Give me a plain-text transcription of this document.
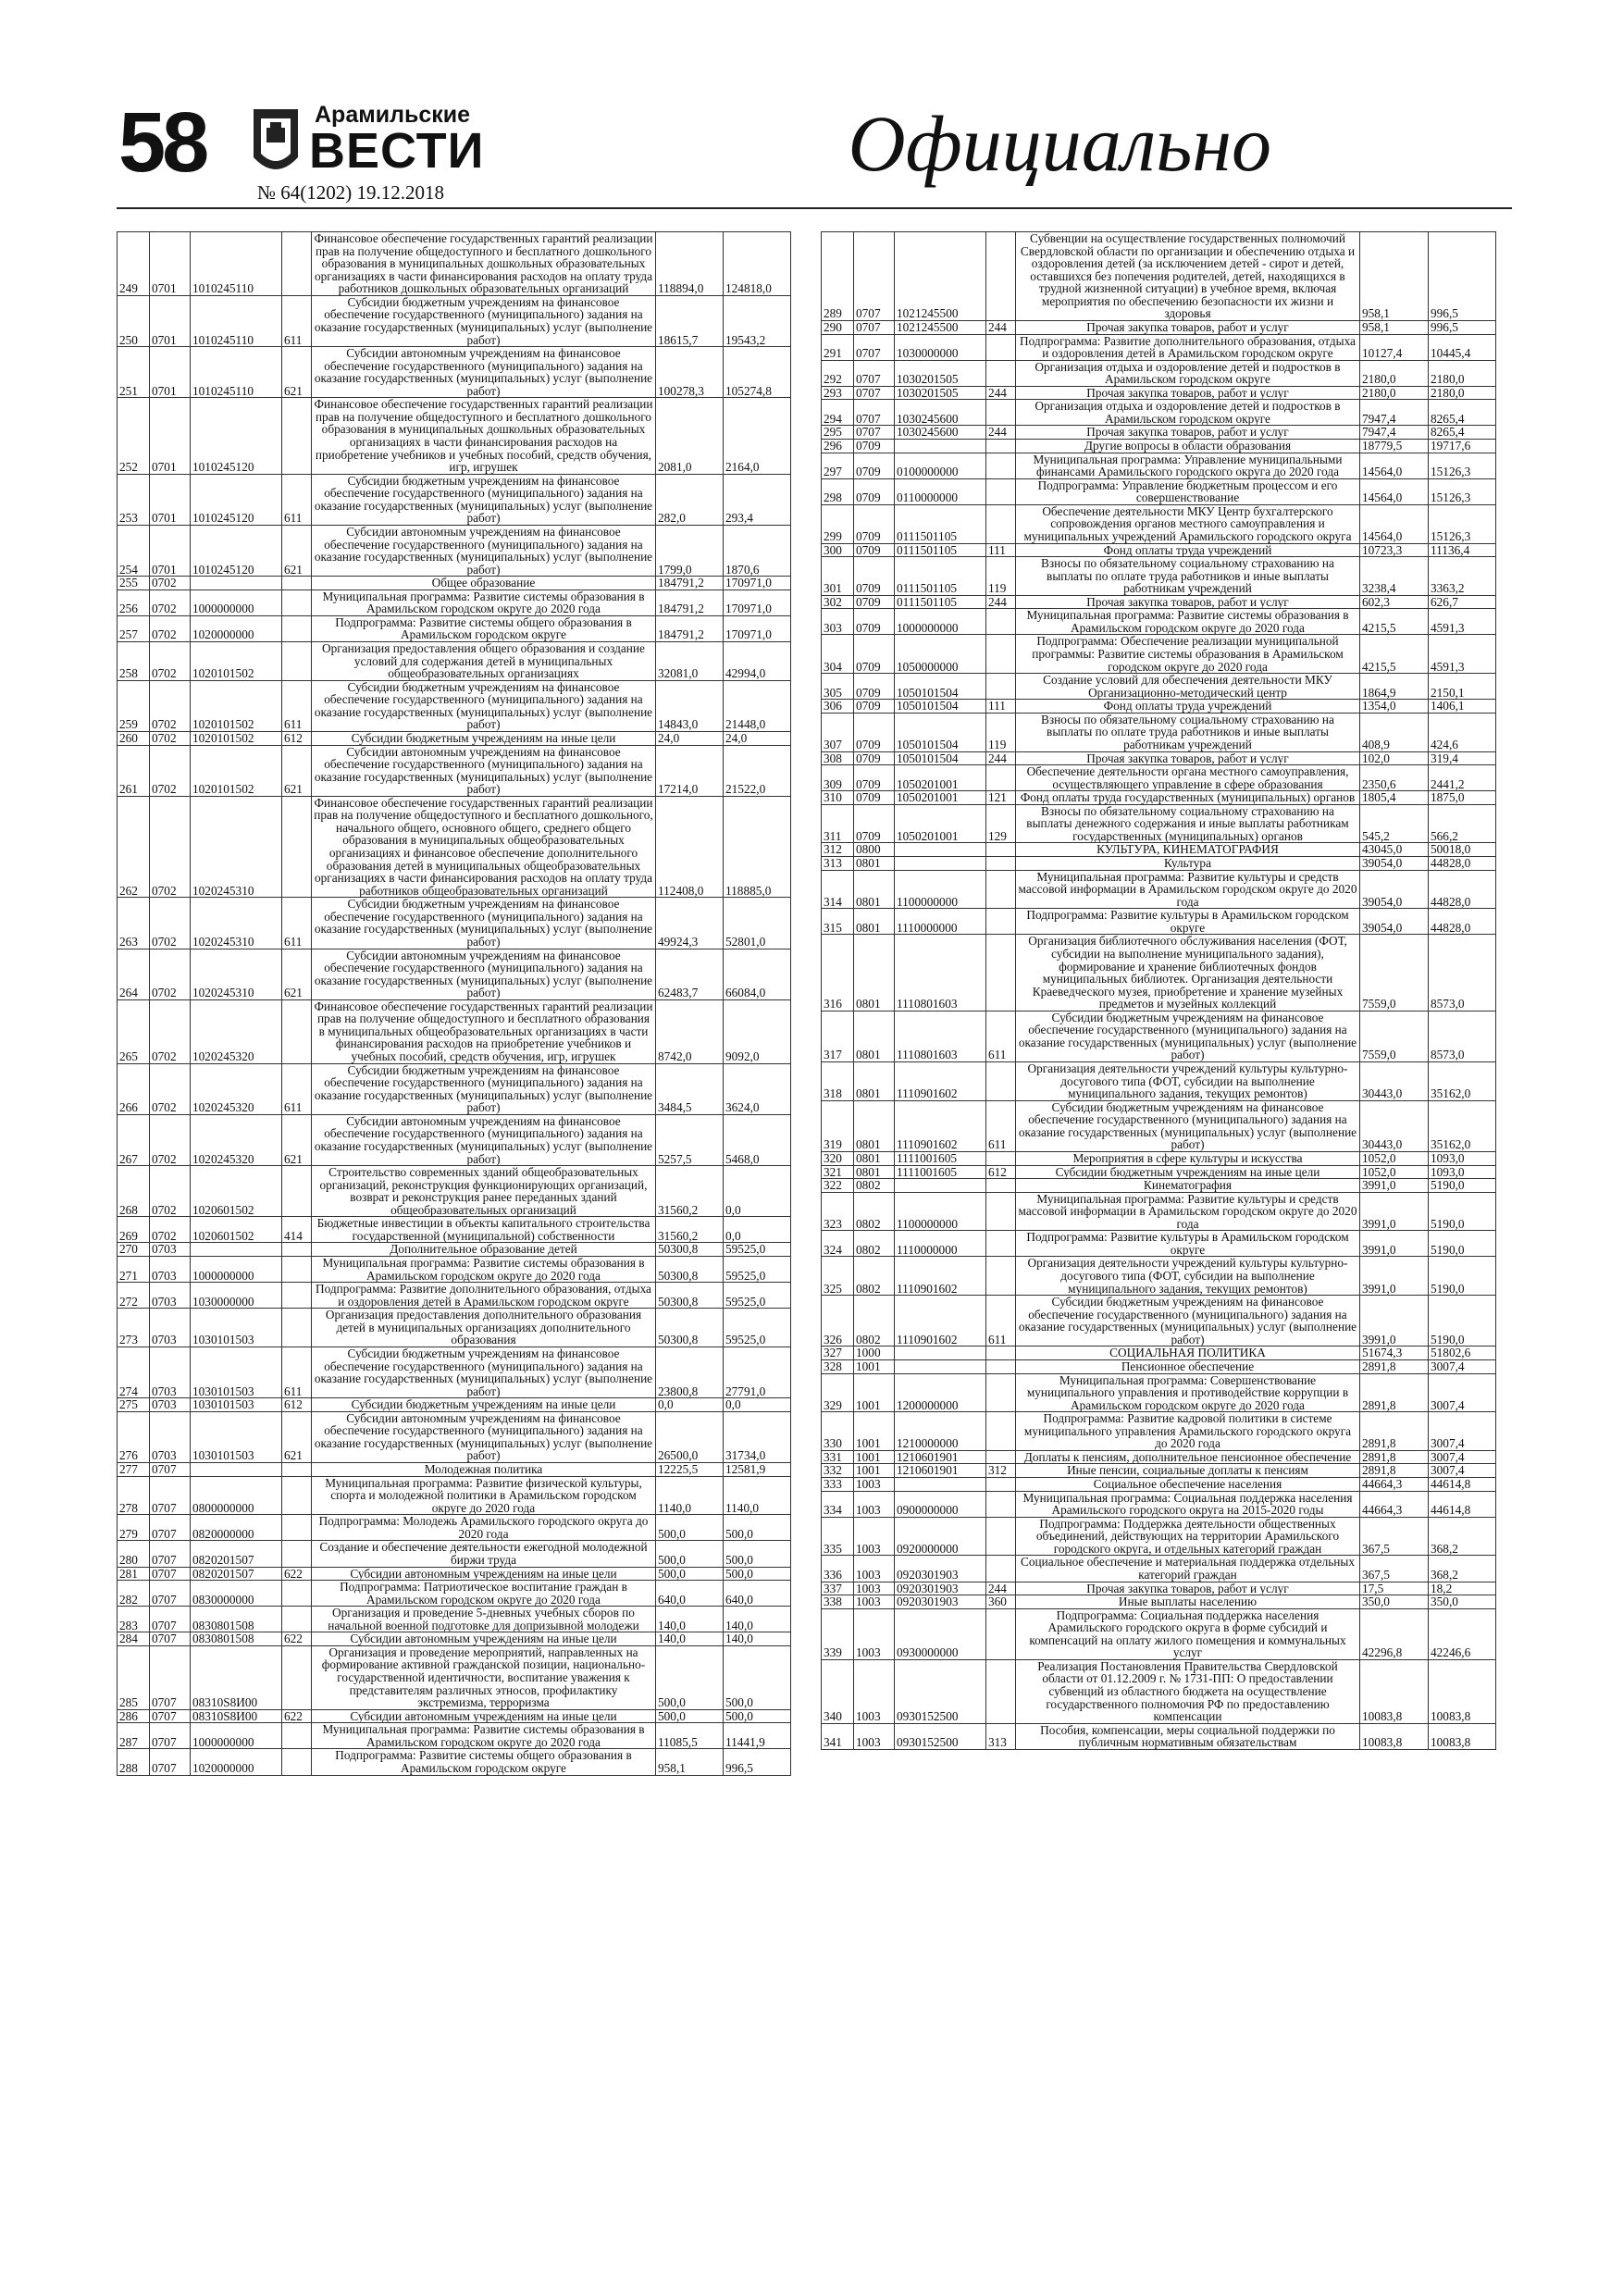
58	Арамильские
ВЕСТИ
№ 64(1202) 19.12.2018
Официально
249	0701	1010245110		Финансовое обеспечение государственных гарантий реализации прав на получение общедоступного и бесплатного дошкольного образования в муниципальных дошкольных образовательных организациях в части финансирования расходов на оплату труда работников дошкольных образовательных организаций	118894,0	124818,0
250	0701	1010245110	611	Субсидии бюджетным учреждениям на финансовое обеспечение государственного (муниципального) задания на оказание государственных (муниципальных) услуг (выполнение работ)	18615,7	19543,2
251	0701	1010245110	621	Субсидии автономным учреждениям на финансовое обеспечение государственного (муниципального) задания на оказание государственных (муниципальных) услуг (выполнение работ)	100278,3	105274,8
252	0701	1010245120		Финансовое обеспечение государственных гарантий реализации прав на получение общедоступного и бесплатного дошкольного образования в муниципальных дошкольных образовательных организациях в части финансирования расходов на приобретение учебников и учебных пособий, средств обучения, игр, игрушек	2081,0	2164,0
253	0701	1010245120	611	Субсидии бюджетным учреждениям на финансовое обеспечение государственного (муниципального) задания на оказание государственных (муниципальных) услуг (выполнение работ)	282,0	293,4
254	0701	1010245120	621	Субсидии автономным учреждениям на финансовое обеспечение государственного (муниципального) задания на оказание государственных (муниципальных) услуг (выполнение работ)	1799,0	1870,6
255	0702			Общее образование	184791,2	170971,0
256	0702	1000000000		Муниципальная программа: Развитие системы образования в Арамильском городском округе до 2020 года	184791,2	170971,0
257	0702	1020000000		Подпрограмма: Развитие системы общего образования в Арамильском городском округе	184791,2	170971,0
258	0702	1020101502		Организация предоставления общего образования и создание условий для содержания детей в муниципальных общеобразовательных организациях	32081,0	42994,0
259	0702	1020101502	611	Субсидии бюджетным учреждениям на финансовое обеспечение государственного (муниципального) задания на оказание государственных (муниципальных) услуг (выполнение работ)	14843,0	21448,0
260	0702	1020101502	612	Субсидии бюджетным учреждениям на иные цели	24,0	24,0
261	0702	1020101502	621	Субсидии автономным учреждениям на финансовое обеспечение государственного (муниципального) задания на оказание государственных (муниципальных) услуг (выполнение работ)	17214,0	21522,0
262	0702	1020245310		Финансовое обеспечение государственных гарантий реализации прав на получение общедоступного и бесплатного дошкольного, начального общего, основного общего, среднего общего образования в муниципальных общеобразовательных организациях и финансовое обеспечение дополнительного образования детей в муниципальных общеобразовательных организациях в части финансирования расходов на оплату труда работников общеобразовательных организаций	112408,0	118885,0
263	0702	1020245310	611	Субсидии бюджетным учреждениям на финансовое обеспечение государственного (муниципального) задания на оказание государственных (муниципальных) услуг (выполнение работ)	49924,3	52801,0
264	0702	1020245310	621	Субсидии автономным учреждениям на финансовое обеспечение государственного (муниципального) задания на оказание государственных (муниципальных) услуг (выполнение работ)	62483,7	66084,0
265	0702	1020245320		Финансовое обеспечение государственных гарантий реализации прав на получение общедоступного и бесплатного образования в муниципальных общеобразовательных организациях в части финансирования расходов на приобретение учебников и учебных пособий, средств обучения, игр, игрушек	8742,0	9092,0
266	0702	1020245320	611	Субсидии бюджетным учреждениям на финансовое обеспечение государственного (муниципального) задания на оказание государственных (муниципальных) услуг (выполнение работ)	3484,5	3624,0
267	0702	1020245320	621	Субсидии автономным учреждениям на финансовое обеспечение государственного (муниципального) задания на оказание государственных (муниципальных) услуг (выполнение работ)	5257,5	5468,0
268	0702	1020601502		Строительство современных зданий общеобразовательных организаций, реконструкция функционирующих организаций, возврат и реконструкция ранее переданных зданий общеобразовательных организаций	31560,2	0,0
269	0702	1020601502	414	Бюджетные инвестиции в объекты капитального строительства государственной (муниципальной) собственности	31560,2	0,0
270	0703			Дополнительное образование детей	50300,8	59525,0
271	0703	1000000000		Муниципальная программа: Развитие системы образования в Арамильском городском округе до 2020 года	50300,8	59525,0
272	0703	1030000000		Подпрограмма: Развитие дополнительного образования, отдыха и оздоровления детей в Арамильском городском округе	50300,8	59525,0
273	0703	1030101503		Организация предоставления дополнительного образования детей в муниципальных организациях дополнительного образования	50300,8	59525,0
274	0703	1030101503	611	Субсидии бюджетным учреждениям на финансовое обеспечение государственного (муниципального) задания на оказание государственных (муниципальных) услуг (выполнение работ)	23800,8	27791,0
275	0703	1030101503	612	Субсидии бюджетным учреждениям на иные цели	0,0	0,0
276	0703	1030101503	621	Субсидии автономным учреждениям на финансовое обеспечение государственного (муниципального) задания на оказание государственных (муниципальных) услуг (выполнение работ)	26500,0	31734,0
277	0707			Молодежная политика	12225,5	12581,9
278	0707	0800000000		Муниципальная программа: Развитие физической культуры, спорта и молодежной политики в Арамильском городском округе до 2020 года	1140,0	1140,0
279	0707	0820000000		Подпрограмма: Молодежь Арамильского городского округа до 2020 года	500,0	500,0
280	0707	0820201507		Создание и обеспечение деятельности ежегодной молодежной биржи труда	500,0	500,0
281	0707	0820201507	622	Субсидии автономным учреждениям на иные цели	500,0	500,0
282	0707	0830000000		Подпрограмма: Патриотическое воспитание граждан в Арамильском городском округе до 2020 года	640,0	640,0
283	0707	0830801508		Организация и проведение 5-дневных учебных сборов по начальной военной подготовке для допризывной молодежи	140,0	140,0
284	0707	0830801508	622	Субсидии автономным учреждениям на иные цели	140,0	140,0
285	0707	08310S8И00		Организация и проведение мероприятий, направленных на формирование активной гражданской позиции, национально-государственной идентичности, воспитание уважения к представителям различных этносов, профилактику экстремизма, терроризма	500,0	500,0
286	0707	08310S8И00	622	Субсидии автономным учреждениям на иные цели	500,0	500,0
287	0707	1000000000		Муниципальная программа: Развитие системы образования в Арамильском городском округе до 2020 года	11085,5	11441,9
288	0707	1020000000		Подпрограмма: Развитие системы общего образования в Арамильском городском округе	958,1	996,5
289	0707	1021245500		Субвенции на осуществление государственных полномочий Свердловской области по организации и обеспечению отдыха и оздоровления детей (за исключением детей - сирот и детей, оставшихся без попечения родителей, детей, находящихся в трудной жизненной ситуации) в учебное время, включая мероприятия по обеспечению безопасности их жизни и здоровья	958,1	996,5
290	0707	1021245500	244	Прочая закупка товаров, работ и услуг	958,1	996,5
291	0707	1030000000		Подпрограмма: Развитие дополнительного образования, отдыха и оздоровления детей в Арамильском городском округе	10127,4	10445,4
292	0707	1030201505		Организация отдыха и оздоровление детей и подростков в Арамильском городском округе	2180,0	2180,0
293	0707	1030201505	244	Прочая закупка товаров, работ и услуг	2180,0	2180,0
294	0707	1030245600		Организация отдыха и оздоровление детей и подростков в Арамильском городском округе	7947,4	8265,4
295	0707	1030245600	244	Прочая закупка товаров, работ и услуг	7947,4	8265,4
296	0709			Другие вопросы в области образования	18779,5	19717,6
297	0709	0100000000		Муниципальная программа: Управление муниципальными финансами Арамильского городского округа до 2020 года	14564,0	15126,3
298	0709	0110000000		Подпрограмма: Управление бюджетным процессом и его совершенствование	14564,0	15126,3
299	0709	0111501105		Обеспечение деятельности МКУ Центр бухгалтерского сопровождения органов местного самоуправления и муниципальных учреждений Арамильского городского округа	14564,0	15126,3
300	0709	0111501105	111	Фонд оплаты труда учреждений	10723,3	11136,4
301	0709	0111501105	119	Взносы по обязательному социальному страхованию на выплаты по оплате труда работников и иные выплаты работникам учреждений	3238,4	3363,2
302	0709	0111501105	244	Прочая закупка товаров, работ и услуг	602,3	626,7
303	0709	1000000000		Муниципальная программа: Развитие системы образования в Арамильском городском округе до 2020 года	4215,5	4591,3
304	0709	1050000000		Подпрограмма: Обеспечение реализации муниципальной программы: Развитие системы образования в Арамильском городском округе до 2020 года	4215,5	4591,3
305	0709	1050101504		Создание условий для обеспечения деятельности МКУ Организационно-методический центр	1864,9	2150,1
306	0709	1050101504	111	Фонд оплаты труда учреждений	1354,0	1406,1
307	0709	1050101504	119	Взносы по обязательному социальному страхованию на выплаты по оплате труда работников и иные выплаты работникам учреждений	408,9	424,6
308	0709	1050101504	244	Прочая закупка товаров, работ и услуг	102,0	319,4
309	0709	1050201001		Обеспечение деятельности органа местного самоуправления, осуществляющего управление в сфере образования	2350,6	2441,2
310	0709	1050201001	121	Фонд оплаты труда государственных (муниципальных) органов	1805,4	1875,0
311	0709	1050201001	129	Взносы по обязательному социальному страхованию на выплаты денежного содержания и иные выплаты работникам государственных (муниципальных) органов	545,2	566,2
312	0800			КУЛЬТУРА, КИНЕМАТОГРАФИЯ	43045,0	50018,0
313	0801			Культура	39054,0	44828,0
314	0801	1100000000		Муниципальная программа: Развитие культуры и средств массовой информации в Арамильском городском округе до 2020 года	39054,0	44828,0
315	0801	1110000000		Подпрограмма: Развитие культуры в Арамильском городском округе	39054,0	44828,0
316	0801	1110801603		Организация библиотечного обслуживания населения (ФОТ, субсидии на выполнение муниципального задания), формирование и хранение библиотечных фондов муниципальных библиотек. Организация деятельности Краеведческого музея, приобретение и хранение музейных предметов и музейных коллекций	7559,0	8573,0
317	0801	1110801603	611	Субсидии бюджетным учреждениям на финансовое обеспечение государственного (муниципального) задания на оказание государственных (муниципальных) услуг (выполнение работ)	7559,0	8573,0
318	0801	1110901602		Организация деятельности учреждений культуры культурно-досугового типа (ФОТ, субсидии на выполнение муниципального задания, текущих ремонтов)	30443,0	35162,0
319	0801	1110901602	611	Субсидии бюджетным учреждениям на финансовое обеспечение государственного (муниципального) задания на оказание государственных (муниципальных) услуг (выполнение работ)	30443,0	35162,0
320	0801	1111001605		Мероприятия в сфере культуры и искусства	1052,0	1093,0
321	0801	1111001605	612	Субсидии бюджетным учреждениям на иные цели	1052,0	1093,0
322	0802			Кинематография	3991,0	5190,0
323	0802	1100000000		Муниципальная программа: Развитие культуры и средств массовой информации в Арамильском городском округе до 2020 года	3991,0	5190,0
324	0802	1110000000		Подпрограмма: Развитие культуры в Арамильском городском округе	3991,0	5190,0
325	0802	1110901602		Организация деятельности учреждений культуры культурно-досугового типа (ФОТ, субсидии на выполнение муниципального задания, текущих ремонтов)	3991,0	5190,0
326	0802	1110901602	611	Субсидии бюджетным учреждениям на финансовое обеспечение государственного (муниципального) задания на оказание государственных (муниципальных) услуг (выполнение работ)	3991,0	5190,0
327	1000			СОЦИАЛЬНАЯ ПОЛИТИКА	51674,3	51802,6
328	1001			Пенсионное обеспечение	2891,8	3007,4
329	1001	1200000000		Муниципальная программа: Совершенствование муниципального управления и противодействие коррупции в Арамильском городском округе до 2020 года	2891,8	3007,4
330	1001	1210000000		Подпрограмма: Развитие кадровой политики в системе муниципального управления Арамильского городского округа до 2020 года	2891,8	3007,4
331	1001	1210601901		Доплаты к пенсиям, дополнительное пенсионное обеспечение	2891,8	3007,4
332	1001	1210601901	312	Иные пенсии, социальные доплаты к пенсиям	2891,8	3007,4
333	1003			Социальное обеспечение населения	44664,3	44614,8
334	1003	0900000000		Муниципальная программа: Социальная поддержка населения Арамильского городского округа на 2015-2020 годы	44664,3	44614,8
335	1003	0920000000		Подпрограмма: Поддержка деятельности общественных объединений, действующих на территории Арамильского городского округа, и отдельных категорий граждан	367,5	368,2
336	1003	0920301903		Социальное обеспечение и материальная поддержка отдельных категорий граждан	367,5	368,2
337	1003	0920301903	244	Прочая закупка товаров, работ и услуг	17,5	18,2
338	1003	0920301903	360	Иные выплаты населению	350,0	350,0
339	1003	0930000000		Подпрограмма: Социальная поддержка населения Арамильского городского округа в форме субсидий и компенсаций на оплату жилого помещения и коммунальных услуг	42296,8	42246,6
340	1003	0930152500		Реализация Постановления Правительства Свердловской области от 01.12.2009 г. № 1731-ПП: О предоставлении субвенций из областного бюджета на осуществление государственного полномочия РФ по предоставлению компенсации	10083,8	10083,8
341	1003	0930152500	313	Пособия, компенсации, меры социальной поддержки по публичным нормативным обязательствам	10083,8	10083,8
